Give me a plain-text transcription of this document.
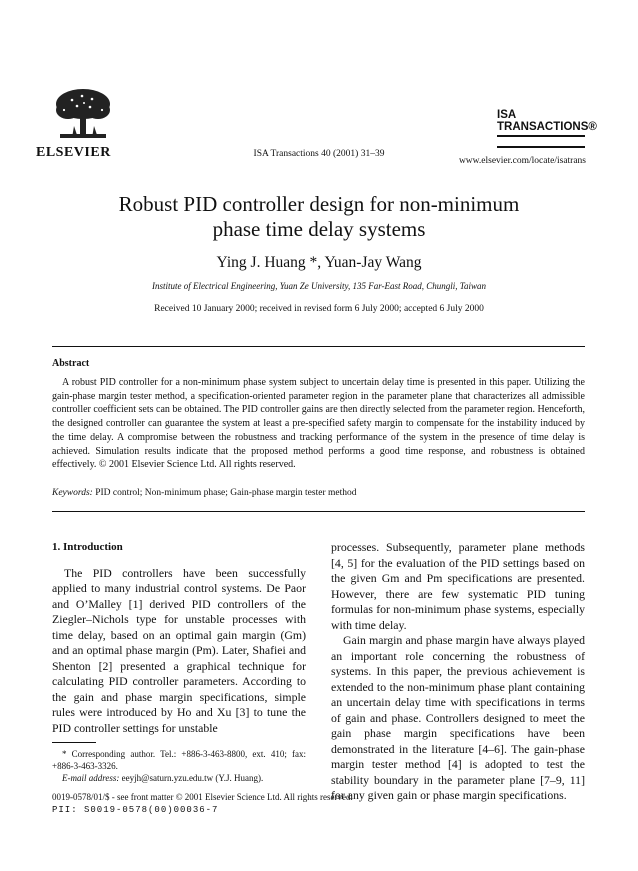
ELSEVIER	ISA Transactions 40 (2001) 31–39
ISA
TRANSACTIONS®
www.elsevier.com/locate/isatrans
Robust PID controller design for non-minimum
phase time delay systems
Ying J. Huang *, Yuan-Jay Wang
Institute of Electrical Engineering, Yuan Ze University, 135 Far-East Road, Chungli, Taiwan
Received 10 January 2000; received in revised form 6 July 2000; accepted 6 July 2000
Abstract
A robust PID controller for a non-minimum phase system subject to uncertain delay time is presented in this paper. Utilizing the gain-phase margin tester method, a specification-oriented parameter region in the parameter plane that characterizes all admissible controller coefficient sets can be obtained. The PID controller gains are then directly selected from the parameter region. Henceforth, the designed controller can guarantee the system at least a pre-specified safety margin to compensate for the instability induced by the time delay. A compromise between the robustness and tracking performance of the system in the presence of time delay is achieved. Simulation results indicate that the proposed method performs a good time response, and robustness is obtained effectively. © 2001 Elsevier Science Ltd. All rights reserved.
Keywords: PID control; Non-minimum phase; Gain-phase margin tester method
1. Introduction

The PID controllers have been successfully applied to many industrial control systems. De Paor and O’Malley [1] derived PID controllers of the Ziegler–Nichols type for unstable processes with time delay, based on an optimal gain margin (Gm) and an optimal phase margin (Pm). Later, Shafiei and Shenton [2] presented a graphical technique for calculating PID controller parameters. According to the gain and phase margin specifications, simple rules were introduced by Ho and Xu [3] to tune the PID controller settings for unstable

processes. Subsequently, parameter plane methods [4, 5] for the evaluation of the PID settings based on the given Gm and Pm specifications are presented. However, there are few systematic PID tuning formulas for non-minimum phase systems, especially with time delay.

Gain margin and phase margin have always played an important role concerning the robustness of systems. In this paper, the previous achievement is extended to the non-minimum phase plant containing an uncertain delay time with specifications in terms of gain and phase. Controllers designed to meet the gain phase margin specifications have been demonstrated in the literature [4–6]. The gain-phase margin tester method [4] is adopted to test the stability boundary in the parameter plane [7–9, 11] for any given gain or phase margin specifications.

* Corresponding author. Tel.: +886-3-463-8800, ext. 410; fax: +886-3-463-3326.
E-mail address: eeyjh@saturn.yzu.edu.tw (Y.J. Huang).
0019-0578/01/$ - see front matter © 2001 Elsevier Science Ltd. All rights reserved.
PII: S0019-0578(00)00036-7
